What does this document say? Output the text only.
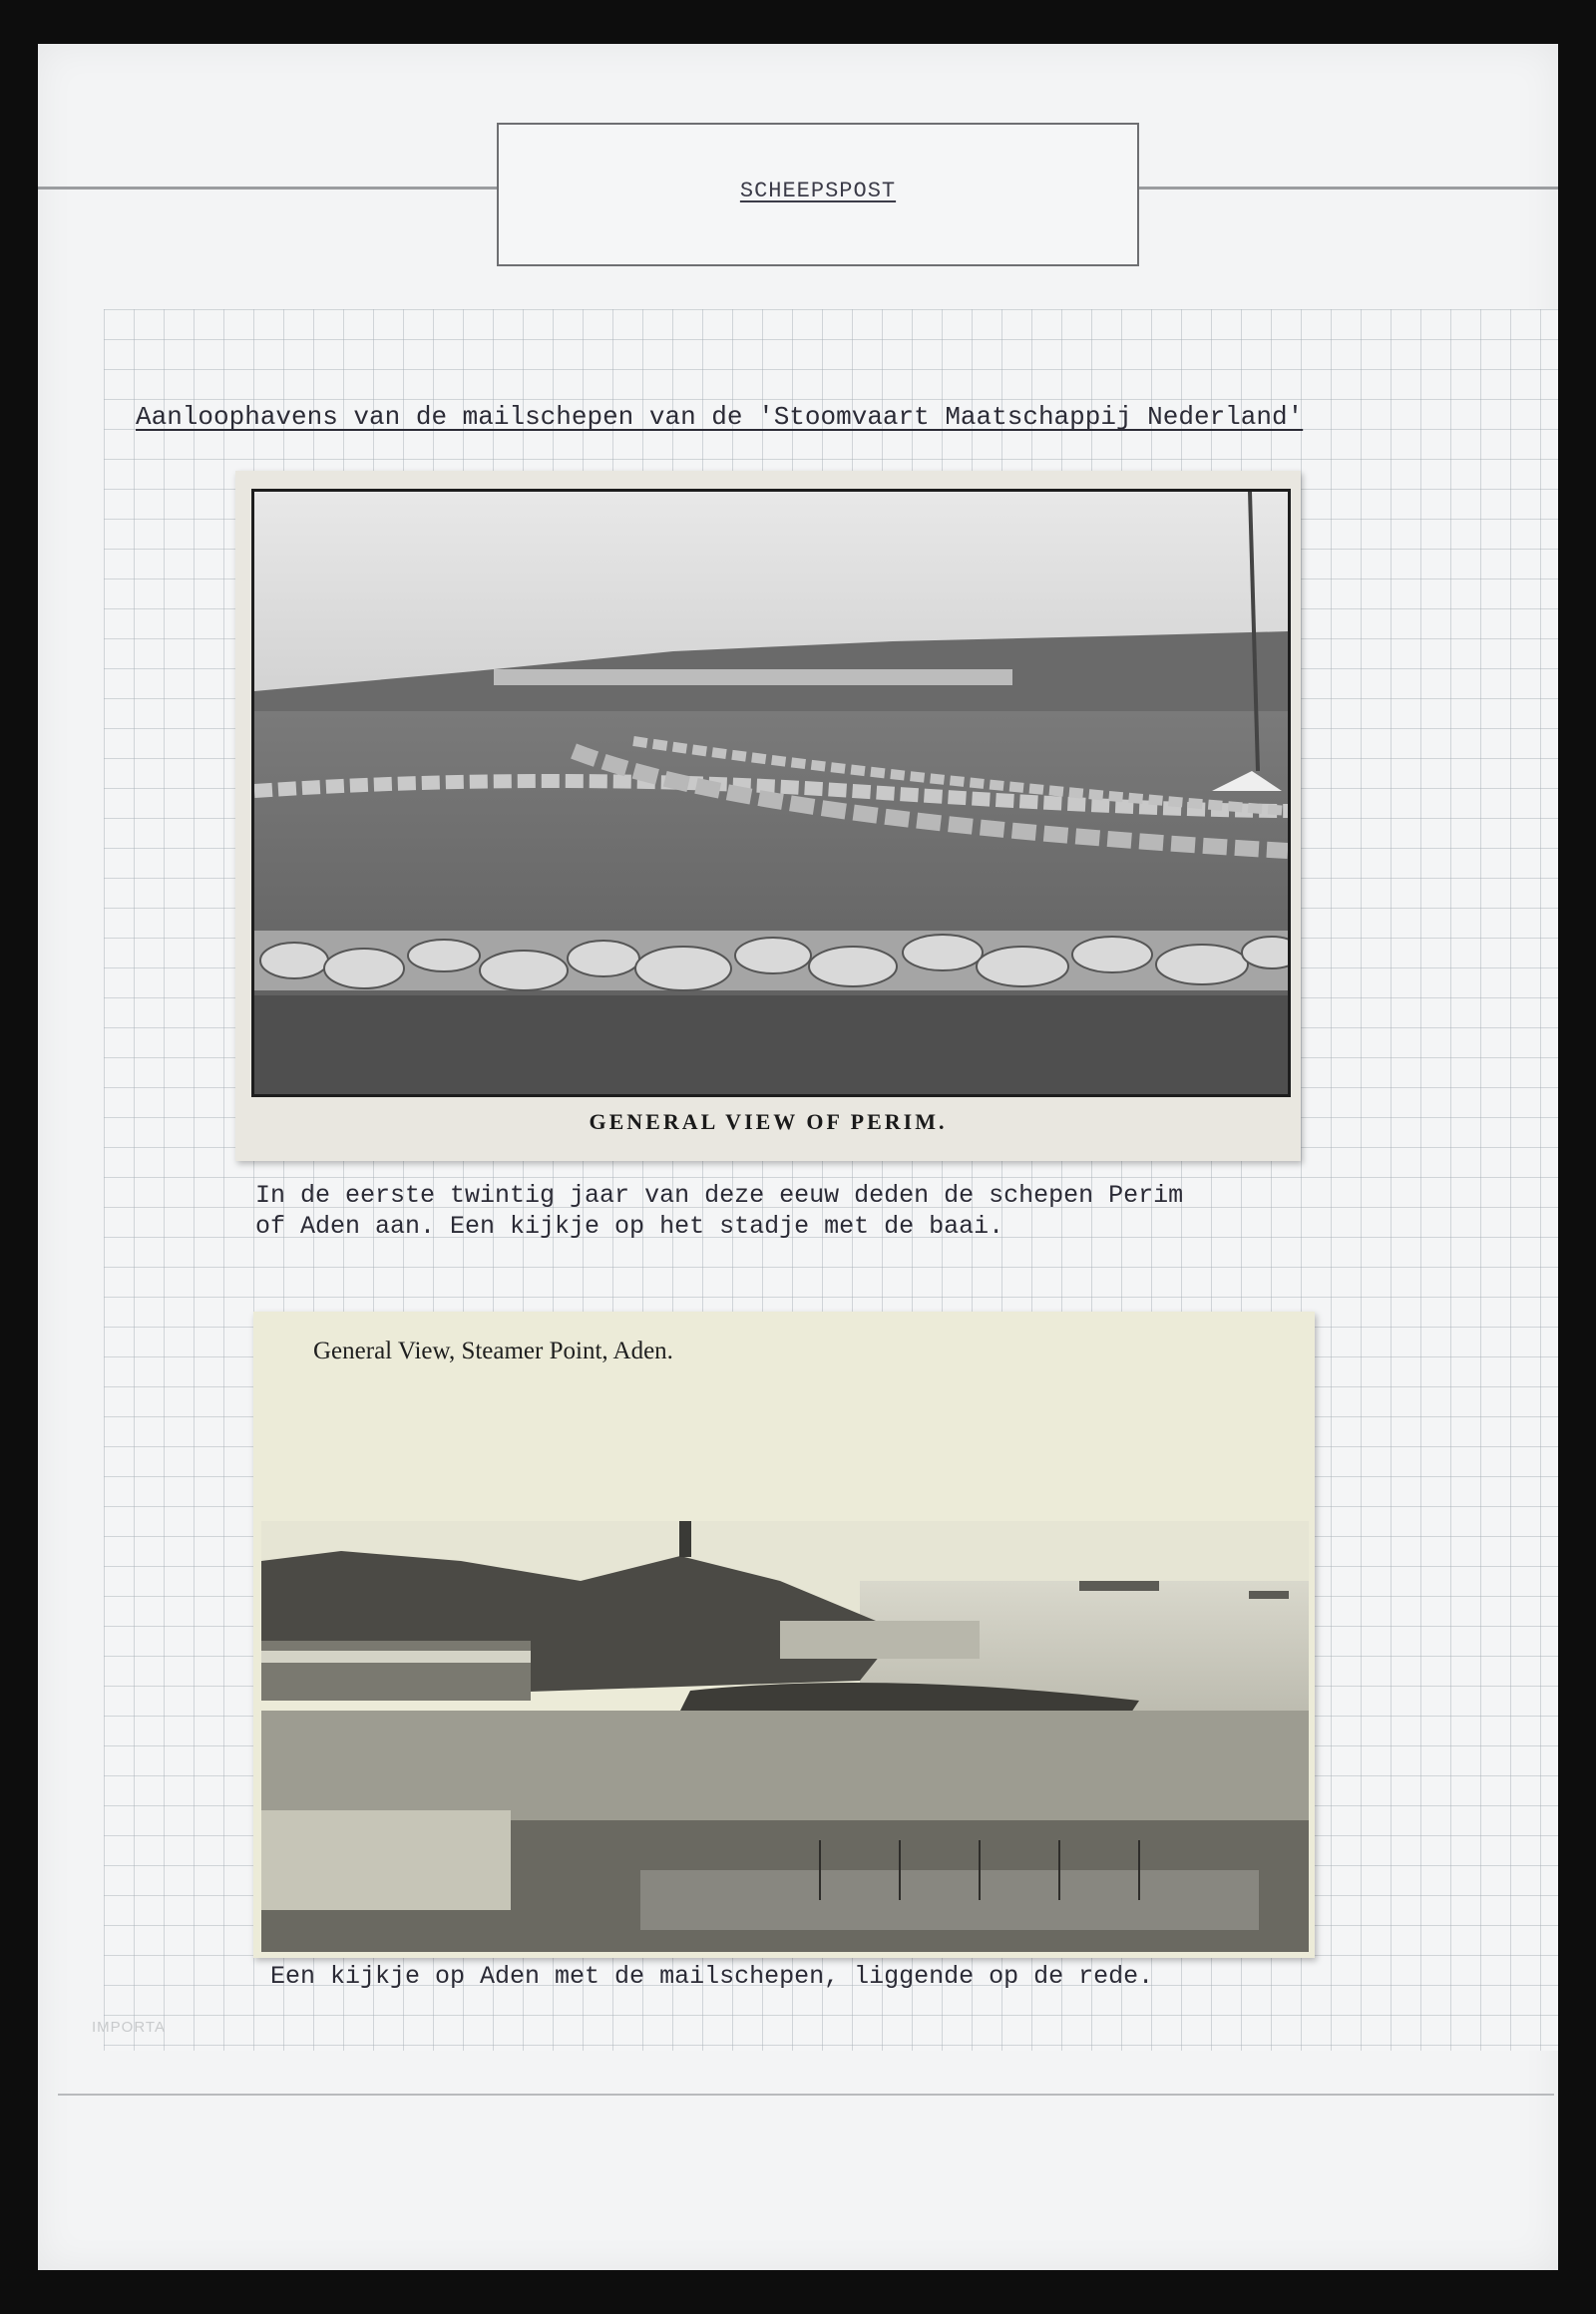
SCHEEPSPOST
Aanloophavens van de mailschepen van de 'Stoomvaart Maatschappij Nederland'
GENERAL VIEW OF PERIM.
In de eerste twintig jaar van deze eeuw deden de schepen Perim
of Aden aan. Een kijkje op het stadje met de baai.
General View, Steamer Point, Aden.
Een kijkje op Aden met de mailschepen, liggende op de rede.
IMPORTA
